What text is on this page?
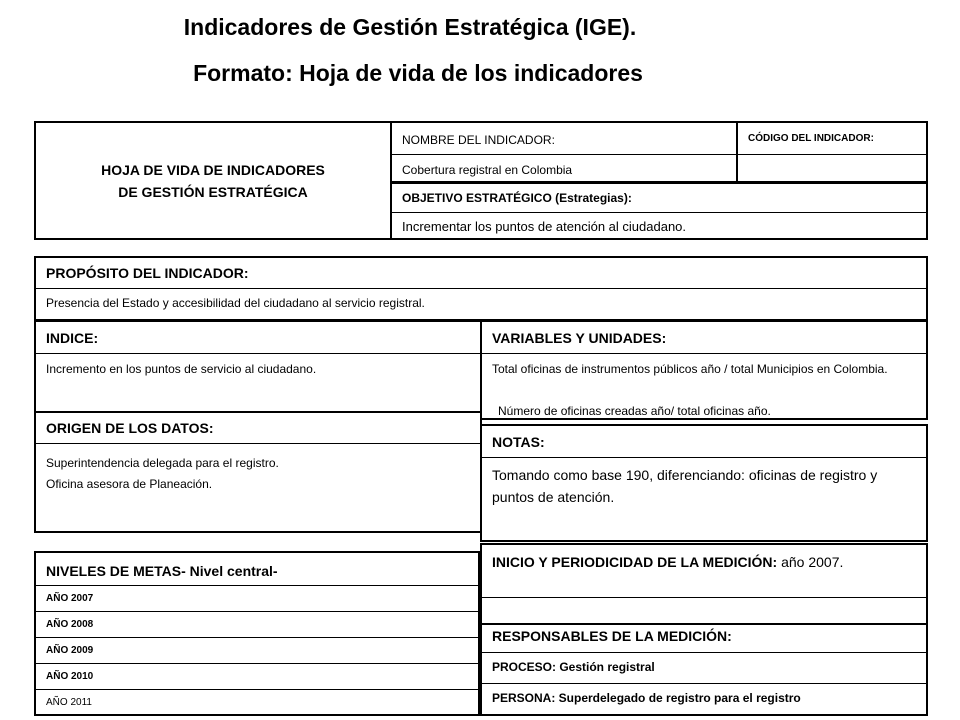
Indicadores de Gestión Estratégica (IGE).
Formato: Hoja de vida de los indicadores
HOJA DE VIDA DE INDICADORES
DE GESTIÓN ESTRATÉGICA
NOMBRE DEL INDICADOR:
Cobertura registral en Colombia
CÓDIGO DEL INDICADOR:
OBJETIVO ESTRATÉGICO (Estrategias):
Incrementar los puntos de atención al ciudadano.
PROPÓSITO DEL INDICADOR:
Presencia del Estado y accesibilidad del ciudadano al servicio registral.
ORIGEN DE LOS DATOS:
Superintendencia delegada para el registro.
Oficina asesora de Planeación.
INDICE:
Incremento en los puntos de servicio al ciudadano.
VARIABLES Y UNIDADES:
Total oficinas de instrumentos públicos año / total Municipios en Colombia.
Número de oficinas creadas año/ total oficinas año.
NOTAS:
Tomando como base 190, diferenciando: oficinas de registro y puntos de atención.
NIVELES DE METAS- Nivel central-
AÑO 2007
AÑO 2008
AÑO 2009
AÑO 2010
AÑO 2011
RESPONSABLES DE LA MEDICIÓN:
PROCESO: Gestión registral
PERSONA: Superdelegado de registro para el registro
INICIO Y PERIODICIDAD DE LA MEDICIÓN: año 2007.
